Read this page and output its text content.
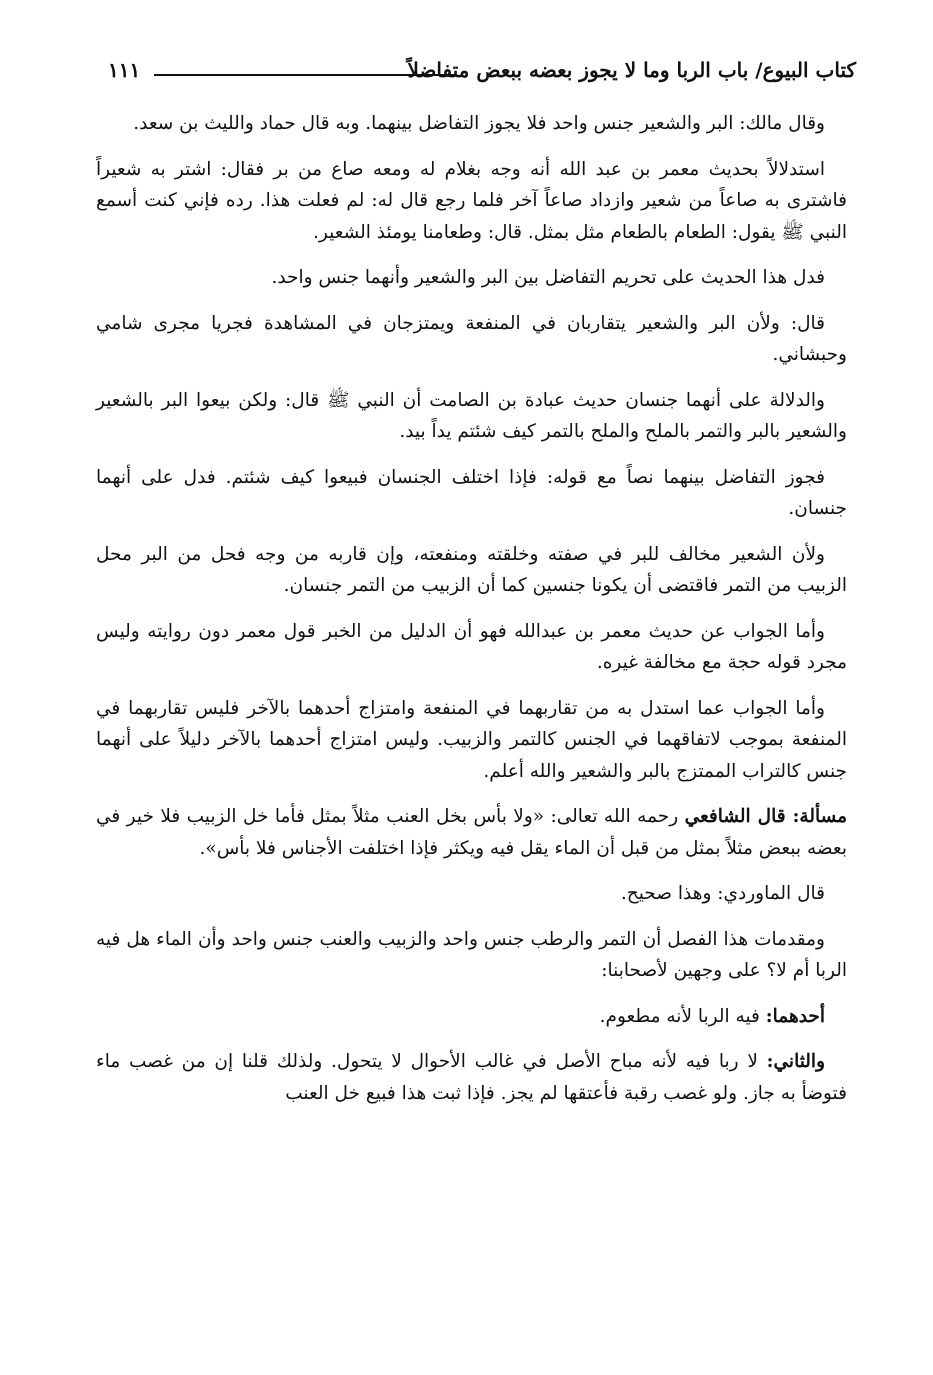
كتاب البيوع/ باب الربا وما لا يجوز بعضه ببعض متفاضلاً
١١١

وقال مالك: البر والشعير جنس واحد فلا يجوز التفاضل بينهما. وبه قال حماد والليث بن سعد.

استدلالاً بحديث معمر بن عبد الله أنه وجه بغلام له ومعه صاع من بر فقال: اشتر به شعيراً فاشترى به صاعاً من شعير وازداد صاعاً آخر فلما رجع قال له: لم فعلت هذا. رده فإني كنت أسمع النبي ﷺ يقول: الطعام بالطعام مثل بمثل. قال: وطعامنا يومئذ الشعير.

فدل هذا الحديث على تحريم التفاضل بين البر والشعير وأنهما جنس واحد.

قال: ولأن البر والشعير يتقاربان في المنفعة ويمتزجان في المشاهدة فجريا مجرى شامي وحبشاني.

والدلالة على أنهما جنسان حديث عبادة بن الصامت أن النبي ﷺ قال: ولكن بيعوا البر بالشعير والشعير بالبر والتمر بالملح والملح بالتمر كيف شئتم يداً بيد.

فجوز التفاضل بينهما نصاً مع قوله: فإذا اختلف الجنسان فبيعوا كيف شئتم. فدل على أنهما جنسان.

ولأن الشعير مخالف للبر في صفته وخلقته ومنفعته، وإن قاربه من وجه فحل من البر محل الزبيب من التمر فاقتضى أن يكونا جنسين كما أن الزبيب من التمر جنسان.

وأما الجواب عن حديث معمر بن عبدالله فهو أن الدليل من الخبر قول معمر دون روايته وليس مجرد قوله حجة مع مخالفة غيره.

وأما الجواب عما استدل به من تقاربهما في المنفعة وامتزاج أحدهما بالآخر فليس تقاربهما في المنفعة بموجب لاتفاقهما في الجنس كالتمر والزبيب. وليس امتزاج أحدهما بالآخر دليلاً على أنهما جنس كالتراب الممتزج بالبر والشعير والله أعلم.

مسألة: قال الشافعي رحمه الله تعالى: «ولا بأس بخل العنب مثلاً بمثل فأما خل الزبيب فلا خير في بعضه ببعض مثلاً بمثل من قبل أن الماء يقل فيه ويكثر فإذا اختلفت الأجناس فلا بأس».

قال الماوردي: وهذا صحيح.

ومقدمات هذا الفصل أن التمر والرطب جنس واحد والزبيب والعنب جنس واحد وأن الماء هل فيه الربا أم لا؟ على وجهين لأصحابنا:

أحدهما: فيه الربا لأنه مطعوم.

والثاني: لا ربا فيه لأنه مباح الأصل في غالب الأحوال لا يتحول. ولذلك قلنا إن من غصب ماء فتوضأ به جاز. ولو غصب رقبة فأعتقها لم يجز. فإذا ثبت هذا فبيع خل العنب
